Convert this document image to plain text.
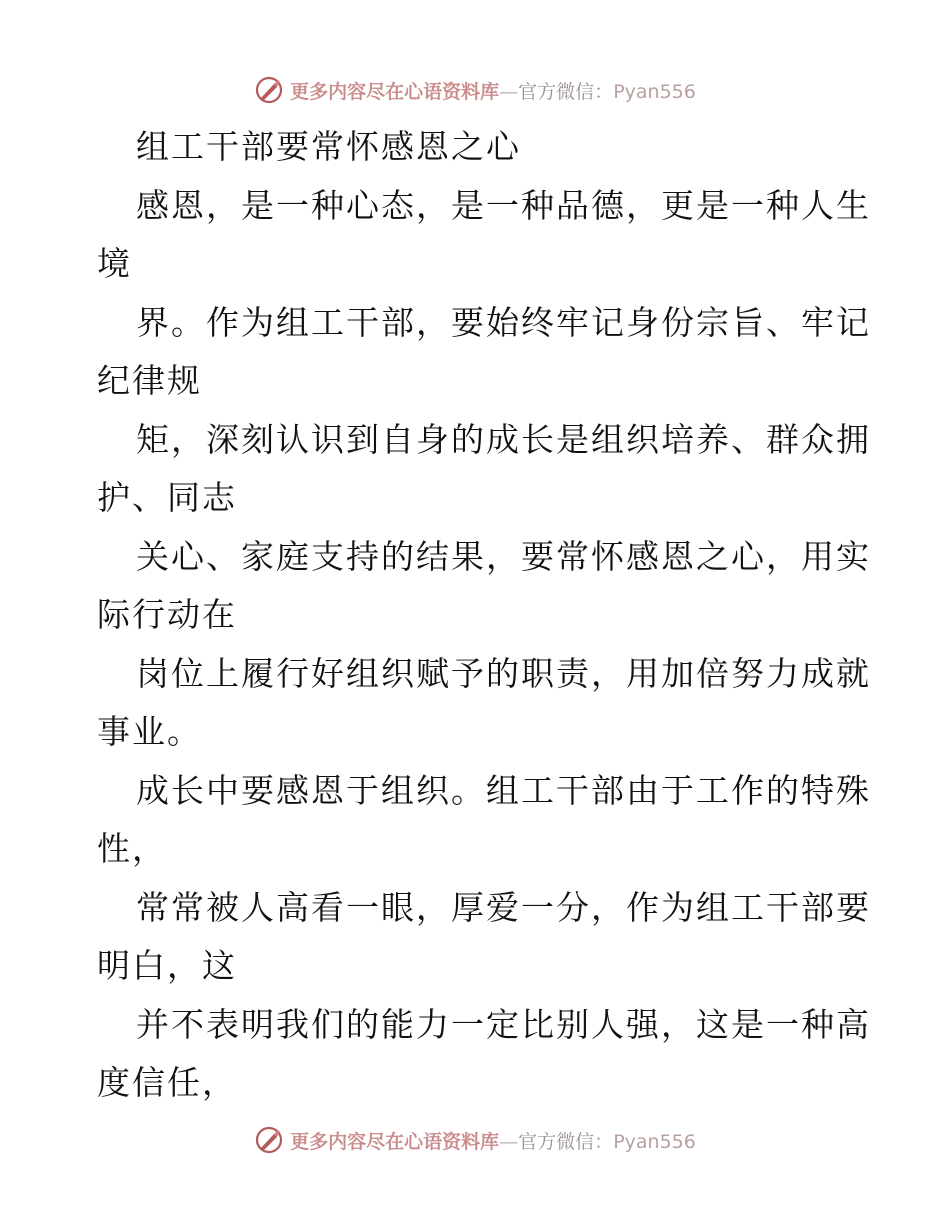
更多内容尽在心语资料库—官方微信：Pyan556
组工干部要常怀感恩之心
感恩，是一种心态，是一种品德，更是一种人生
境
界。作为组工干部，要始终牢记身份宗旨、牢记
纪律规
矩，深刻认识到自身的成长是组织培养、群众拥
护、同志
关心、家庭支持的结果，要常怀感恩之心，用实
际行动在
岗位上履行好组织赋予的职责，用加倍努力成就
事业。
成长中要感恩于组织。组工干部由于工作的特殊
性，
常常被人高看一眼，厚爱一分，作为组工干部要
明白，这
并不表明我们的能力一定比别人强，这是一种高
度信任，
更多内容尽在心语资料库—官方微信：Pyan556
